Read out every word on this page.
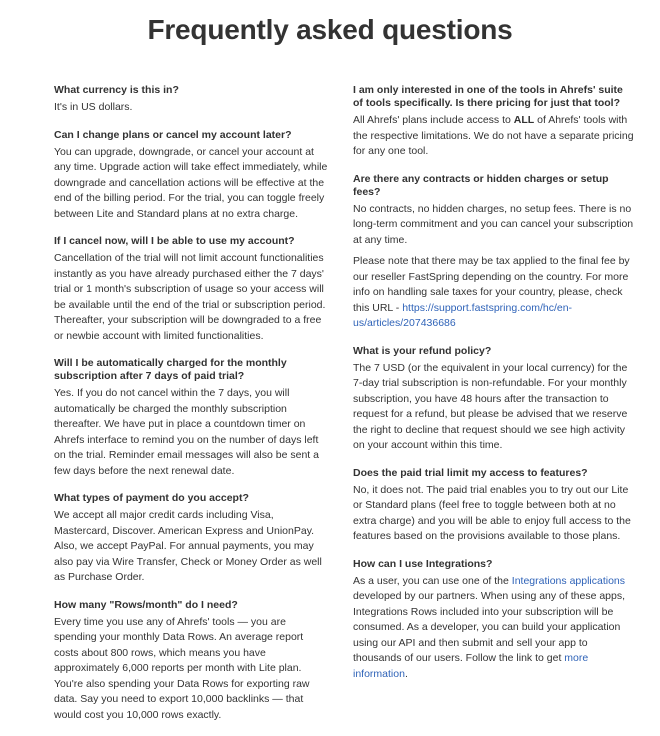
Frequently asked questions
What currency is this in?
It's in US dollars.
Can I change plans or cancel my account later?
You can upgrade, downgrade, or cancel your account at any time. Upgrade action will take effect immediately, while downgrade and cancellation actions will be effective at the end of the billing period. For the trial, you can toggle freely between Lite and Standard plans at no extra charge.
If I cancel now, will I be able to use my account?
Cancellation of the trial will not limit account functionalities instantly as you have already purchased either the 7 days' trial or 1 month's subscription of usage so your access will be available until the end of the trial or subscription period. Thereafter, your subscription will be downgraded to a free or newbie account with limited functionalities.
Will I be automatically charged for the monthly subscription after 7 days of paid trial?
Yes. If you do not cancel within the 7 days, you will automatically be charged the monthly subscription thereafter. We have put in place a countdown timer on Ahrefs interface to remind you on the number of days left on the trial. Reminder email messages will also be sent a few days before the next renewal date.
What types of payment do you accept?
We accept all major credit cards including Visa, Mastercard, Discover. American Express and UnionPay. Also, we accept PayPal. For annual payments, you may also pay via Wire Transfer, Check or Money Order as well as Purchase Order.
How many "Rows/month" do I need?
Every time you use any of Ahrefs' tools — you are spending your monthly Data Rows. An average report costs about 800 rows, which means you have approximately 6,000 reports per month with Lite plan. You're also spending your Data Rows for exporting raw data. Say you need to export 10,000 backlinks — that would cost you 10,000 rows exactly.
I am only interested in one of the tools in Ahrefs' suite of tools specifically. Is there pricing for just that tool?
All Ahrefs' plans include access to ALL of Ahrefs' tools with the respective limitations. We do not have a separate pricing for any one tool.
Are there any contracts or hidden charges or setup fees?
No contracts, no hidden charges, no setup fees. There is no long-term commitment and you can cancel your subscription at any time.
Please note that there may be tax applied to the final fee by our reseller FastSpring depending on the country. For more info on handling sale taxes for your country, please, check this URL - https://support.fastspring.com/hc/en-us/articles/207436686
What is your refund policy?
The 7 USD (or the equivalent in your local currency) for the 7-day trial subscription is non-refundable. For your monthly subscription, you have 48 hours after the transaction to request for a refund, but please be advised that we reserve the right to decline that request should we see high activity on your account within this time.
Does the paid trial limit my access to features?
No, it does not. The paid trial enables you to try out our Lite or Standard plans (feel free to toggle between both at no extra charge) and you will be able to enjoy full access to the features based on the provisions available to those plans.
How can I use Integrations?
As a user, you can use one of the Integrations applications developed by our partners. When using any of these apps, Integrations Rows included into your subscription will be consumed. As a developer, you can build your application using our API and then submit and sell your app to thousands of our users. Follow the link to get more information.
